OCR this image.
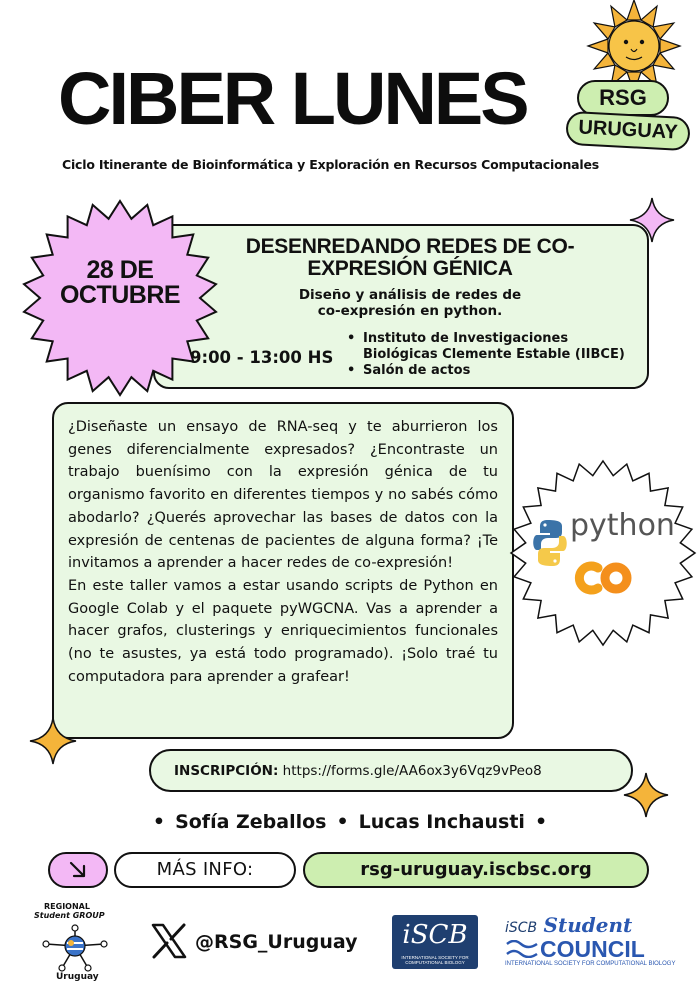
CIBER LUNES	RSG
URUGUAY
Ciclo Itinerante de Bioinformática y Exploración en Recursos Computacionales
28 DE
OCTUBRE
DESENREDANDO REDES DE CO-
EXPRESIÓN GÉNICA
Diseño y análisis de redes de
co-expresión en python.
9:00 - 13:00 HS
• Instituto de Investigaciones Biológicas Clemente Estable (IIBCE)
• Salón de actos

¿Diseñaste un ensayo de RNA-seq y te aburrieron los genes diferencialmente expresados? ¿Encontraste un trabajo buenísimo con la expresión génica de tu organismo favorito en diferentes tiempos y no sabés cómo abodarlo? ¿Querés aprovechar las bases de datos con la expresión de centenas de pacientes de alguna forma? ¡Te invitamos a aprender a hacer redes de co-expresión!

En este taller vamos a estar usando scripts de Python en Google Colab y el paquete pyWGCNA. Vas a aprender a hacer grafos, clusterings y enriquecimientos funcionales (no te asustes, ya está todo programado). ¡Solo traé tu computadora para aprender a grafear!

python
INSCRIPCIÓN: https://forms.gle/AA6ox3y6Vqz9vPeo8
• Sofía Zeballos • Lucas Inchausti •
MÁS INFO:	rsg-uruguay.iscbsc.org
REGIONAL
Student GROUP
Uruguay
@RSG_Uruguay iSCB
INTERNATIONAL SOCIETY FOR COMPUTATIONAL BIOLOGY
iSCB Student
COUNCIL
INTERNATIONAL SOCIETY FOR COMPUTATIONAL BIOLOGY
